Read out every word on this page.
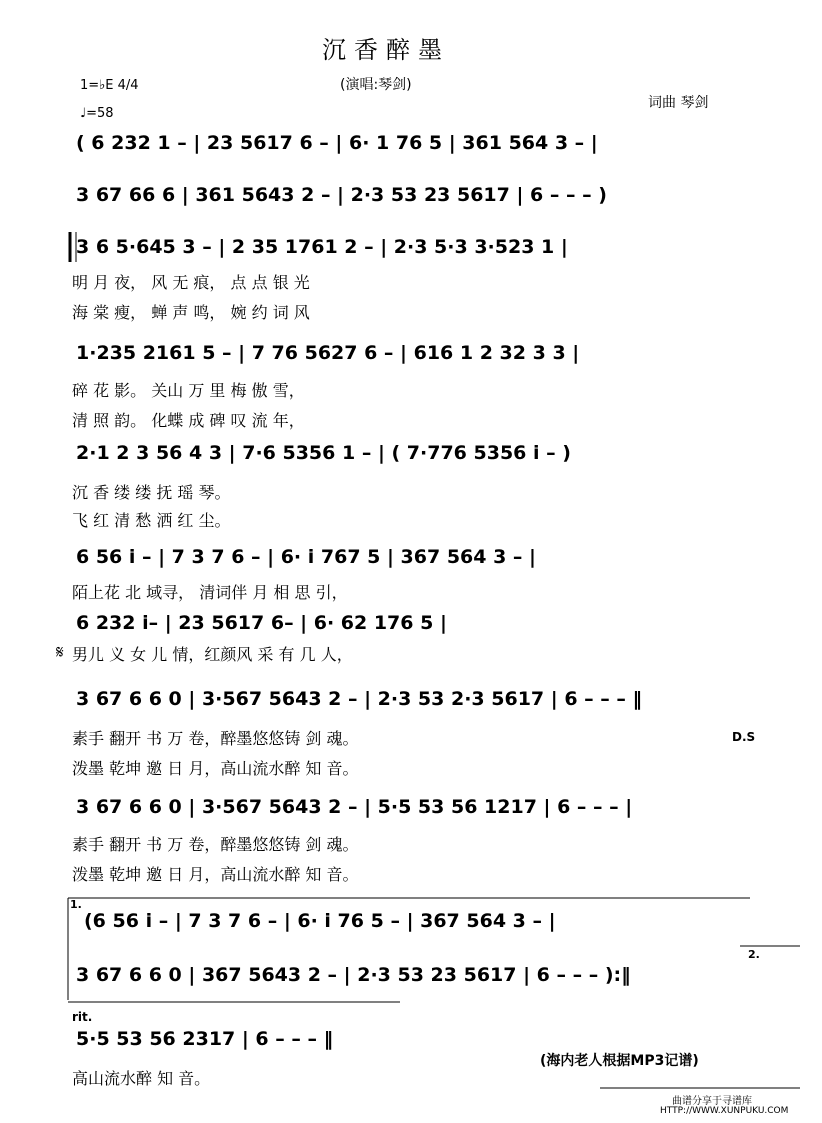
沉香醉墨
(演唱:琴剑)
词曲 琴剑
1=♭E 4/4
♩=58
( 6 232 1 – | 23 5617 6 – | 6· 1 76 5 | 361 564 3 – |
3 67 66 6 | 361 5643 2 – | 2·3 53 23 5617 | 6 – – – )
3 6 5·645 3 – | 2 35 1761 2 – | 2·3 5·3 3·523 1 |
明 月 夜， 风 无 痕， 点 点 银 光
海 棠 瘦， 蝉 声 鸣， 婉 约 词 风
1·235 2161 5 – | 7 76 5627 6 – | 616 1 2 32 3 3 |
碎 花 影。 关山 万 里 梅 傲 雪，
清 照 韵。 化蝶 成 碑 叹 流 年，
2·1 2 3 56 4 3 | 7·6 5356 1 – | ( 7·776 5356 i – )
沉 香 缕 缕 抚 瑶 琴。
飞 红 清 愁 洒 红 尘。
6 56 i – | 7 3 7 6 – | 6· i 767 5 | 367 564 3 – |
陌上花 北 域寻， 清词伴 月 相 思 引，
6 232 i– | 23 5617 6– | 6· 62 176 5 |
𝄋 男儿 义 女 儿 情，红颜风 采 有 几 人，
3 67 6 6 0 | 3·567 5643 2 – | 2·3 53 2·3 5617 | 6 – – – ‖
素手 翻开 书 万 卷，醉墨悠悠铸 剑 魂。	D.S
泼墨 乾坤 邀 日 月，高山流水醉 知 音。
3 67 6 6 0 | 3·567 5643 2 – | 5·5 53 56 1217 | 6 – – – |
素手 翻开 书 万 卷，醉墨悠悠铸 剑 魂。
泼墨 乾坤 邀 日 月，高山流水醉 知 音。
1.
(6 56 i – | 7 3 7 6 – | 6· i 76 5 – | 367 564 3 – |
3 67 6 6 0 | 367 5643 2 – | 2·3 53 23 5617 | 6 – – – ):‖
2.
rit.
5·5 53 56 2317 | 6 – – – ‖
高山流水醉 知 音。
(海内老人根据MP3记谱)
曲谱分享于寻谱库
HTTP://WWW.XUNPUKU.COM
